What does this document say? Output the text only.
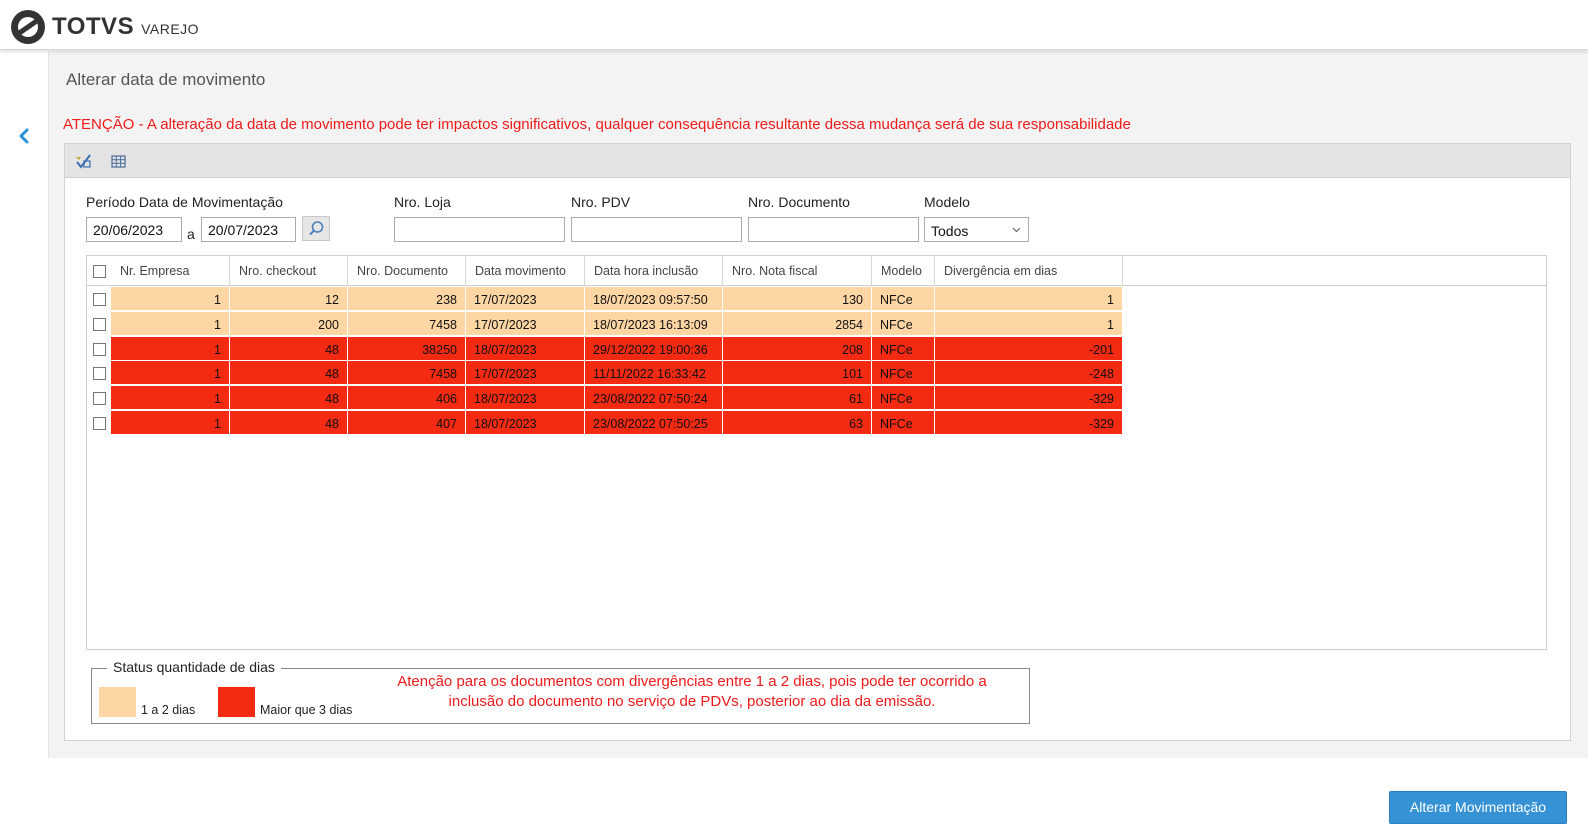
TOTVS VAREJO
Alterar data de movimento
ATENÇÃO - A alteração da data de movimento pode ter impactos significativos, qualquer consequência resultante dessa mudança será de sua responsabilidade
Período Data de Movimentação
20/06/2023
a
20/07/2023
Nro. Loja	Nro. PDV	Nro. Documento	Modelo
Todos
Nr. Empresa	Nro. checkout	Nro. Documento	Data movimento	Data hora inclusão	Nro. Nota fiscal	Modelo	Divergência em dias
1	12	238	17/07/2023	18/07/2023 09:57:50	130	NFCe	1
1	200	7458	17/07/2023	18/07/2023 16:13:09	2854	NFCe	1
1	48	38250	18/07/2023	29/12/2022 19:00:36	208	NFCe	-201
1	48	7458	17/07/2023	11/11/2022 16:33:42	101	NFCe	-248
1	48	406	18/07/2023	23/08/2022 07:50:24	61	NFCe	-329
1	48	407	18/07/2023	23/08/2022 07:50:25	63	NFCe	-329
Status quantidade de dias
1 a 2 dias	Maior que 3 dias
Atenção para os documentos com divergências entre 1 a 2 dias, pois pode ter ocorrido a
inclusão do documento no serviço de PDVs, posterior ao dia da emissão.
Alterar Movimentação
